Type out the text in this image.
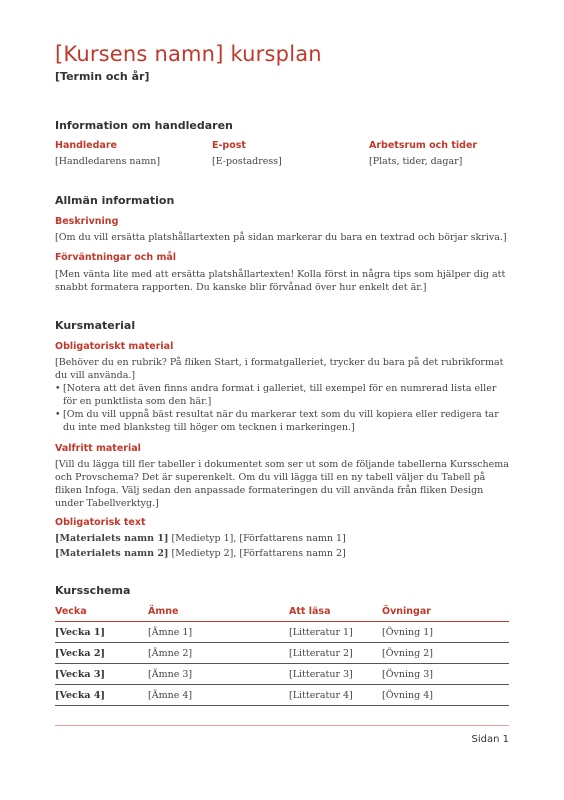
[Kursens namn] kursplan
[Termin och år]
Information om handledaren
Handledare
[Handledarens namn]
E-post
[E-postadress]
Arbetsrum och tider
[Plats, tider, dagar]
Allmän information
Beskrivning
[Om du vill ersätta platshållartexten på sidan markerar du bara en textrad och börjar skriva.]
Förväntningar och mål
[Men vänta lite med att ersätta platshållartexten! Kolla först in några tips som hjälper dig att snabbt formatera rapporten. Du kanske blir förvånad över hur enkelt det är.]
Kursmaterial
Obligatoriskt material
[Behöver du en rubrik? På fliken Start, i formatgalleriet, trycker du bara på det rubrikformat du vill använda.]
• [Notera att det även finns andra format i galleriet, till exempel för en numrerad lista eller för en punktlista som den här.]
• [Om du vill uppnå bäst resultat när du markerar text som du vill kopiera eller redigera tar du inte med blanksteg till höger om tecknen i markeringen.]
Valfritt material
[Vill du lägga till fler tabeller i dokumentet som ser ut som de följande tabellerna Kursschema och Provschema? Det är superenkelt. Om du vill lägga till en ny tabell väljer du Tabell på fliken Infoga. Välj sedan den anpassade formateringen du vill använda från fliken Design under Tabellverktyg.]
Obligatorisk text
[Materialets namn 1] [Medietyp 1], [Författarens namn 1]
[Materialets namn 2] [Medietyp 2], [Författarens namn 2]
Kursschema
Vecka	Ämne	Att läsa	Övningar
[Vecka 1]	[Ämne 1]	[Litteratur 1]	[Övning 1]
[Vecka 2]	[Ämne 2]	[Litteratur 2]	[Övning 2]
[Vecka 3]	[Ämne 3]	[Litteratur 3]	[Övning 3]
[Vecka 4]	[Ämne 4]	[Litteratur 4]	[Övning 4]
Sidan 1
